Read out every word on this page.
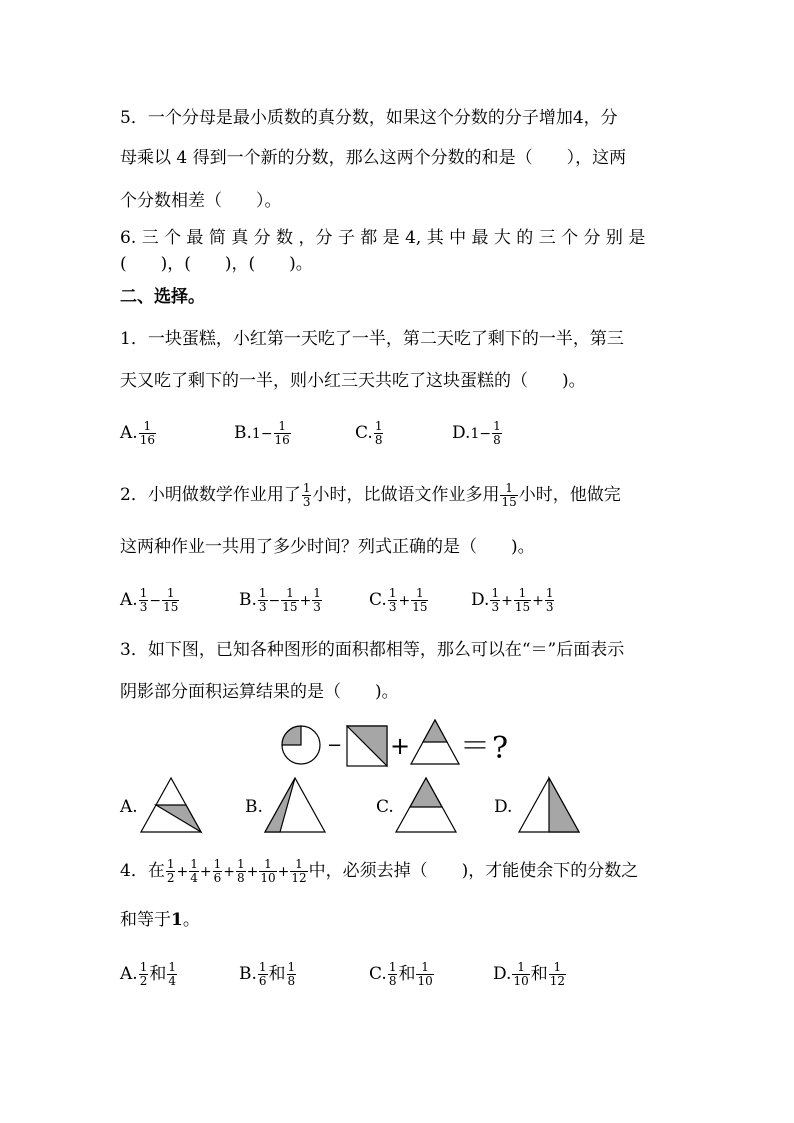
5．一个分母是最小质数的真分数，如果这个分数的分子增加4，分
母乘以 4 得到一个新的分数，那么这两个分数的和是（　　），这两
个分数相差（　　）。
6. 三 个 最 简 真 分 数 ，分 子 都 是 4, 其 中 最 大 的 三 个 分 别 是
(　　)，(　　)，(　　)。
二、选择。
1．一块蛋糕，小红第一天吃了一半，第二天吃了剩下的一半，第三
天又吃了剩下的一半，则小红三天共吃了这块蛋糕的（　　)。
A. $\frac{1}{16}$	$B.1- \frac{1}{16}$	C. $\frac{1}{8}$	$D.1- \frac{1}{8}$
2．小明做数学作业用了 $\frac{1}{3}$ 小时，比做语文作业多用 $\frac{1}{15}$ 小时，他做完
这两种作业一共用了多少时间？列式正确的是（　　)。
A. $\frac{1}{3} - \frac{1}{15}$	B. $\frac{1}{3} - \frac{1}{15} + \frac{1}{3}$	C. $\frac{1}{3} + \frac{1}{15}$	D. $\frac{1}{3} + \frac{1}{15} + \frac{1}{3}$
3．如下图，已知各种图形的面积都相等，那么可以在“＝”后面表示
阴影部分面积运算结果的是（　　)。
− + ＝ ?
A.	B.	C.	D.
4．在 $\frac{1}{2} + \frac{1}{4} + \frac{1}{6} + \frac{1}{8} + \frac{1}{10} + \frac{1}{12}$ 中，必须去掉（　　)，才能使余下的分数之
和等于1。
A. $\frac{1}{2}$ 和 $\frac{1}{4}$	B. $\frac{1}{6}$ 和 $\frac{1}{8}$	C. $\frac{1}{8}$ 和 $\frac{1}{10}$	D. $\frac{1}{10}$ 和 $\frac{1}{12}$
